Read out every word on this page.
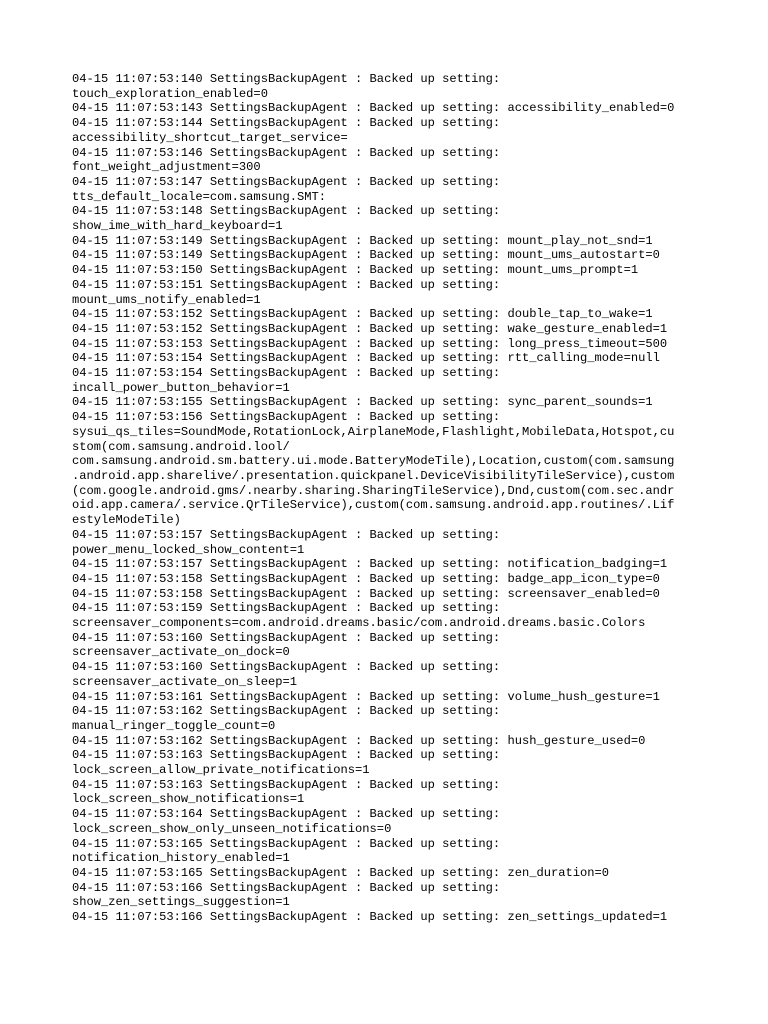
04-15 11:07:53:140 SettingsBackupAgent : Backed up setting:
touch_exploration_enabled=0
04-15 11:07:53:143 SettingsBackupAgent : Backed up setting: accessibility_enabled=0
04-15 11:07:53:144 SettingsBackupAgent : Backed up setting:
accessibility_shortcut_target_service=
04-15 11:07:53:146 SettingsBackupAgent : Backed up setting:
font_weight_adjustment=300
04-15 11:07:53:147 SettingsBackupAgent : Backed up setting:
tts_default_locale=com.samsung.SMT:
04-15 11:07:53:148 SettingsBackupAgent : Backed up setting:
show_ime_with_hard_keyboard=1
04-15 11:07:53:149 SettingsBackupAgent : Backed up setting: mount_play_not_snd=1
04-15 11:07:53:149 SettingsBackupAgent : Backed up setting: mount_ums_autostart=0
04-15 11:07:53:150 SettingsBackupAgent : Backed up setting: mount_ums_prompt=1
04-15 11:07:53:151 SettingsBackupAgent : Backed up setting:
mount_ums_notify_enabled=1
04-15 11:07:53:152 SettingsBackupAgent : Backed up setting: double_tap_to_wake=1
04-15 11:07:53:152 SettingsBackupAgent : Backed up setting: wake_gesture_enabled=1
04-15 11:07:53:153 SettingsBackupAgent : Backed up setting: long_press_timeout=500
04-15 11:07:53:154 SettingsBackupAgent : Backed up setting: rtt_calling_mode=null
04-15 11:07:53:154 SettingsBackupAgent : Backed up setting:
incall_power_button_behavior=1
04-15 11:07:53:155 SettingsBackupAgent : Backed up setting: sync_parent_sounds=1
04-15 11:07:53:156 SettingsBackupAgent : Backed up setting:
sysui_qs_tiles=SoundMode,RotationLock,AirplaneMode,Flashlight,MobileData,Hotspot,cu
stom(com.samsung.android.lool/
com.samsung.android.sm.battery.ui.mode.BatteryModeTile),Location,custom(com.samsung
.android.app.sharelive/.presentation.quickpanel.DeviceVisibilityTileService),custom
(com.google.android.gms/.nearby.sharing.SharingTileService),Dnd,custom(com.sec.andr
oid.app.camera/.service.QrTileService),custom(com.samsung.android.app.routines/.Lif
estyleModeTile)
04-15 11:07:53:157 SettingsBackupAgent : Backed up setting:
power_menu_locked_show_content=1
04-15 11:07:53:157 SettingsBackupAgent : Backed up setting: notification_badging=1
04-15 11:07:53:158 SettingsBackupAgent : Backed up setting: badge_app_icon_type=0
04-15 11:07:53:158 SettingsBackupAgent : Backed up setting: screensaver_enabled=0
04-15 11:07:53:159 SettingsBackupAgent : Backed up setting:
screensaver_components=com.android.dreams.basic/com.android.dreams.basic.Colors
04-15 11:07:53:160 SettingsBackupAgent : Backed up setting:
screensaver_activate_on_dock=0
04-15 11:07:53:160 SettingsBackupAgent : Backed up setting:
screensaver_activate_on_sleep=1
04-15 11:07:53:161 SettingsBackupAgent : Backed up setting: volume_hush_gesture=1
04-15 11:07:53:162 SettingsBackupAgent : Backed up setting:
manual_ringer_toggle_count=0
04-15 11:07:53:162 SettingsBackupAgent : Backed up setting: hush_gesture_used=0
04-15 11:07:53:163 SettingsBackupAgent : Backed up setting:
lock_screen_allow_private_notifications=1
04-15 11:07:53:163 SettingsBackupAgent : Backed up setting:
lock_screen_show_notifications=1
04-15 11:07:53:164 SettingsBackupAgent : Backed up setting:
lock_screen_show_only_unseen_notifications=0
04-15 11:07:53:165 SettingsBackupAgent : Backed up setting:
notification_history_enabled=1
04-15 11:07:53:165 SettingsBackupAgent : Backed up setting: zen_duration=0
04-15 11:07:53:166 SettingsBackupAgent : Backed up setting:
show_zen_settings_suggestion=1
04-15 11:07:53:166 SettingsBackupAgent : Backed up setting: zen_settings_updated=1
